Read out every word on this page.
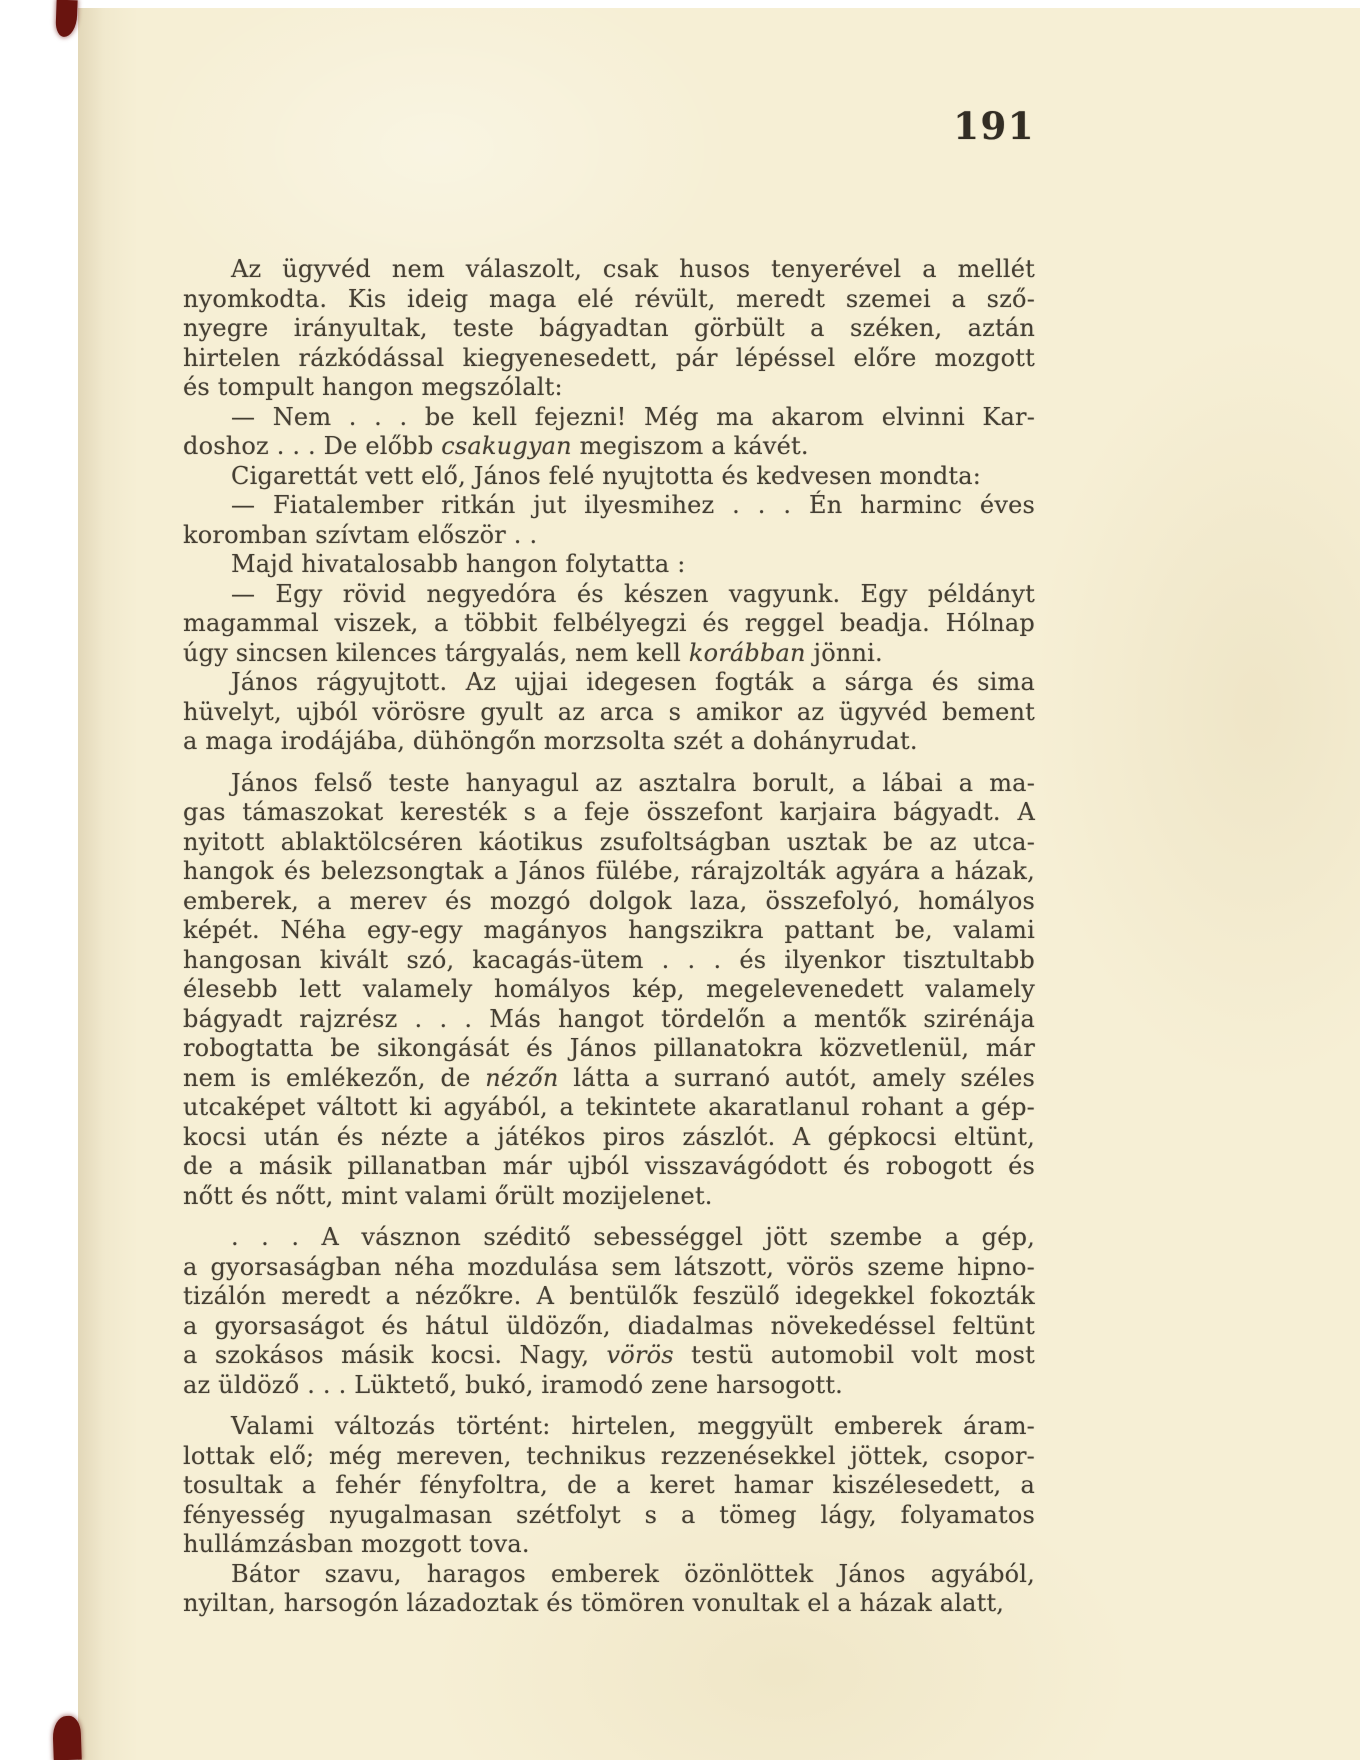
191
Az ügyvéd nem válaszolt, csak husos tenyerével a mellét
nyomkodta. Kis ideig maga elé révült, meredt szemei a sző-
nyegre irányultak, teste bágyadtan görbült a széken, aztán
hirtelen rázkódással kiegyenesedett, pár lépéssel előre mozgott
és tompult hangon megszólalt:
— Nem . . . be kell fejezni! Még ma akarom elvinni Kar-
doshoz . . . De előbb csakugyan megiszom a kávét.
Cigarettát vett elő, János felé nyujtotta és kedvesen mondta:
— Fiatalember ritkán jut ilyesmihez . . . Én harminc éves
koromban szívtam először . .
Majd hivatalosabb hangon folytatta :
— Egy rövid negyedóra és készen vagyunk. Egy példányt
magammal viszek, a többit felbélyegzi és reggel beadja. Hólnap
úgy sincsen kilences tárgyalás, nem kell korábban jönni.
János rágyujtott. Az ujjai idegesen fogták a sárga és sima
hüvelyt, ujból vörösre gyult az arca s amikor az ügyvéd bement
a maga irodájába, dühöngőn morzsolta szét a dohányrudat.
János felső teste hanyagul az asztalra borult, a lábai a ma-
gas támaszokat keresték s a feje összefont karjaira bágyadt. A
nyitott ablaktölcséren káotikus zsufoltságban usztak be az utca-
hangok és belezsongtak a János fülébe, rárajzolták agyára a házak,
emberek, a merev és mozgó dolgok laza, összefolyó, homályos
képét. Néha egy-egy magányos hangszikra pattant be, valami
hangosan kivált szó, kacagás-ütem . . . és ilyenkor tisztultabb
élesebb lett valamely homályos kép, megelevenedett valamely
bágyadt rajzrész . . . Más hangot tördelőn a mentők szirénája
robogtatta be sikongását és János pillanatokra közvetlenül, már
nem is emlékezőn, de nézőn látta a surranó autót, amely széles
utcaképet váltott ki agyából, a tekintete akaratlanul rohant a gép-
kocsi után és nézte a játékos piros zászlót. A gépkocsi eltünt,
de a másik pillanatban már ujból visszavágódott és robogott és
nőtt és nőtt, mint valami őrült mozijelenet.
. . . A vásznon széditő sebességgel jött szembe a gép,
a gyorsaságban néha mozdulása sem látszott, vörös szeme hipno-
tizálón meredt a nézőkre. A bentülők feszülő idegekkel fokozták
a gyorsaságot és hátul üldözőn, diadalmas növekedéssel feltünt
a szokásos másik kocsi. Nagy, vörös testü automobil volt most
az üldöző . . . Lüktető, bukó, iramodó zene harsogott.
Valami változás történt: hirtelen, meggyült emberek áram-
lottak elő; még mereven, technikus rezzenésekkel jöttek, csopor-
tosultak a fehér fényfoltra, de a keret hamar kiszélesedett, a
fényesség nyugalmasan szétfolyt s a tömeg lágy, folyamatos
hullámzásban mozgott tova.
Bátor szavu, haragos emberek özönlöttek János agyából,
nyiltan, harsogón lázadoztak és tömören vonultak el a házak alatt,
